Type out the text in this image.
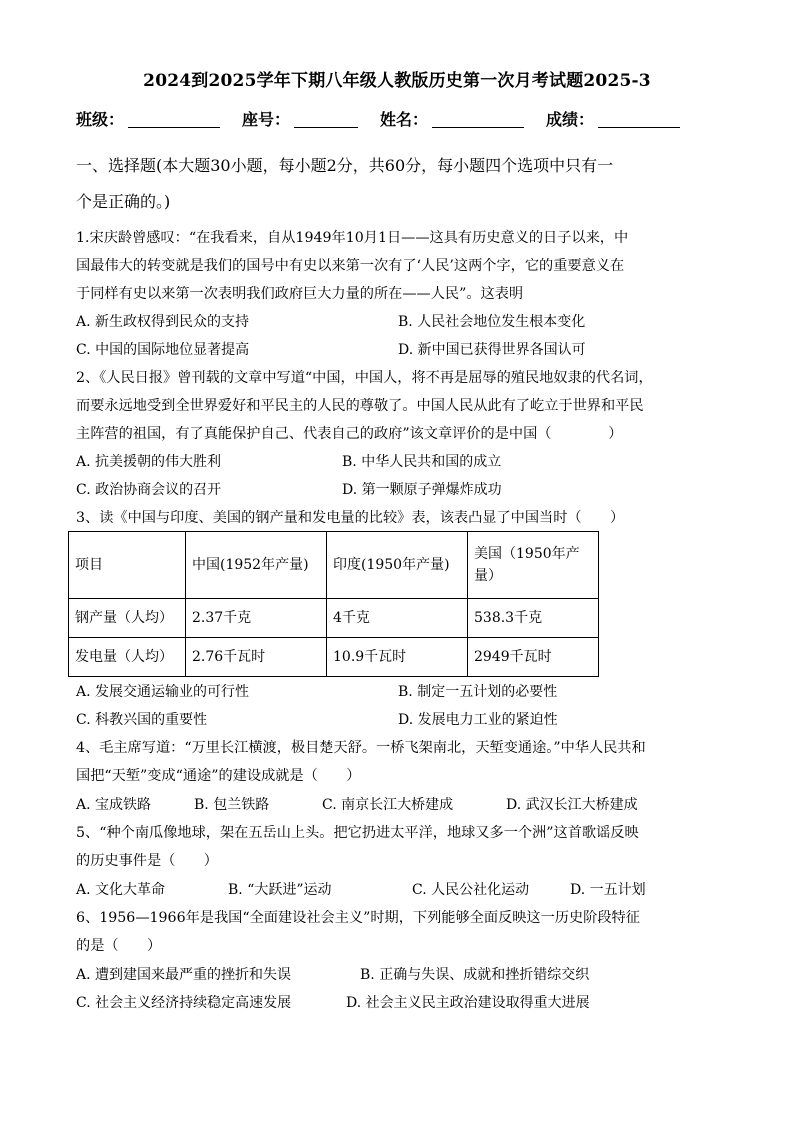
2024到2025学年下期八年级人教版历史第一次月考试题2025-3
班级：	座号：	姓名：	成绩：
一、选择题(本大题30小题，每小题2分，共60分，每小题四个选项中只有一
个是正确的。)
1.宋庆龄曾感叹：“在我看来，自从1949年10月1日——这具有历史意义的日子以来，中
国最伟大的转变就是我们的国号中有史以来第一次有了‘人民’这两个字，它的重要意义在
于同样有史以来第一次表明我们政府巨大力量的所在——人民”。这表明
A. 新生政权得到民众的支持	B. 人民社会地位发生根本变化
C. 中国的国际地位显著提高	D. 新中国已获得世界各国认可
2、《人民日报》曾刊载的文章中写道“中国，中国人，将不再是屈辱的殖民地奴隶的代名词，
而要永远地受到全世界爱好和平民主的人民的尊敬了。中国人民从此有了屹立于世界和平民
主阵营的祖国，有了真能保护自己、代表自己的政府”该文章评价的是中国（　　　　）
A. 抗美援朝的伟大胜利	B. 中华人民共和国的成立
C. 政治协商会议的召开	D. 第一颗原子弹爆炸成功
3、读《中国与印度、美国的钢产量和发电量的比较》表，该表凸显了中国当时（　　）
项目	中国(1952年产量)	印度(1950年产量)	美国（1950年产量）
钢产量（人均）	2.37千克	4千克	538.3千克
发电量（人均）	2.76千瓦时	10.9千瓦时	2949千瓦时
A. 发展交通运输业的可行性	B. 制定一五计划的必要性
C. 科教兴国的重要性	D. 发展电力工业的紧迫性
4、毛主席写道：“万里长江横渡，极目楚天舒。一桥飞架南北，天堑变通途。”中华人民共和
国把“天堑”变成“通途”的建设成就是（　　）
A. 宝成铁路	B. 包兰铁路	C. 南京长江大桥建成	D. 武汉长江大桥建成
5、“种个南瓜像地球，架在五岳山上头。把它扔进太平洋，地球又多一个洲”这首歌谣反映
的历史事件是（　　）
A. 文化大革命	B. “大跃进”运动	C. 人民公社化运动	D. 一五计划
6、1956—1966年是我国“全面建设社会主义”时期，下列能够全面反映这一历史阶段特征
的是（　　）
A. 遭到建国来最严重的挫折和失误	B. 正确与失误、成就和挫折错综交织
C. 社会主义经济持续稳定高速发展	D. 社会主义民主政治建设取得重大进展
